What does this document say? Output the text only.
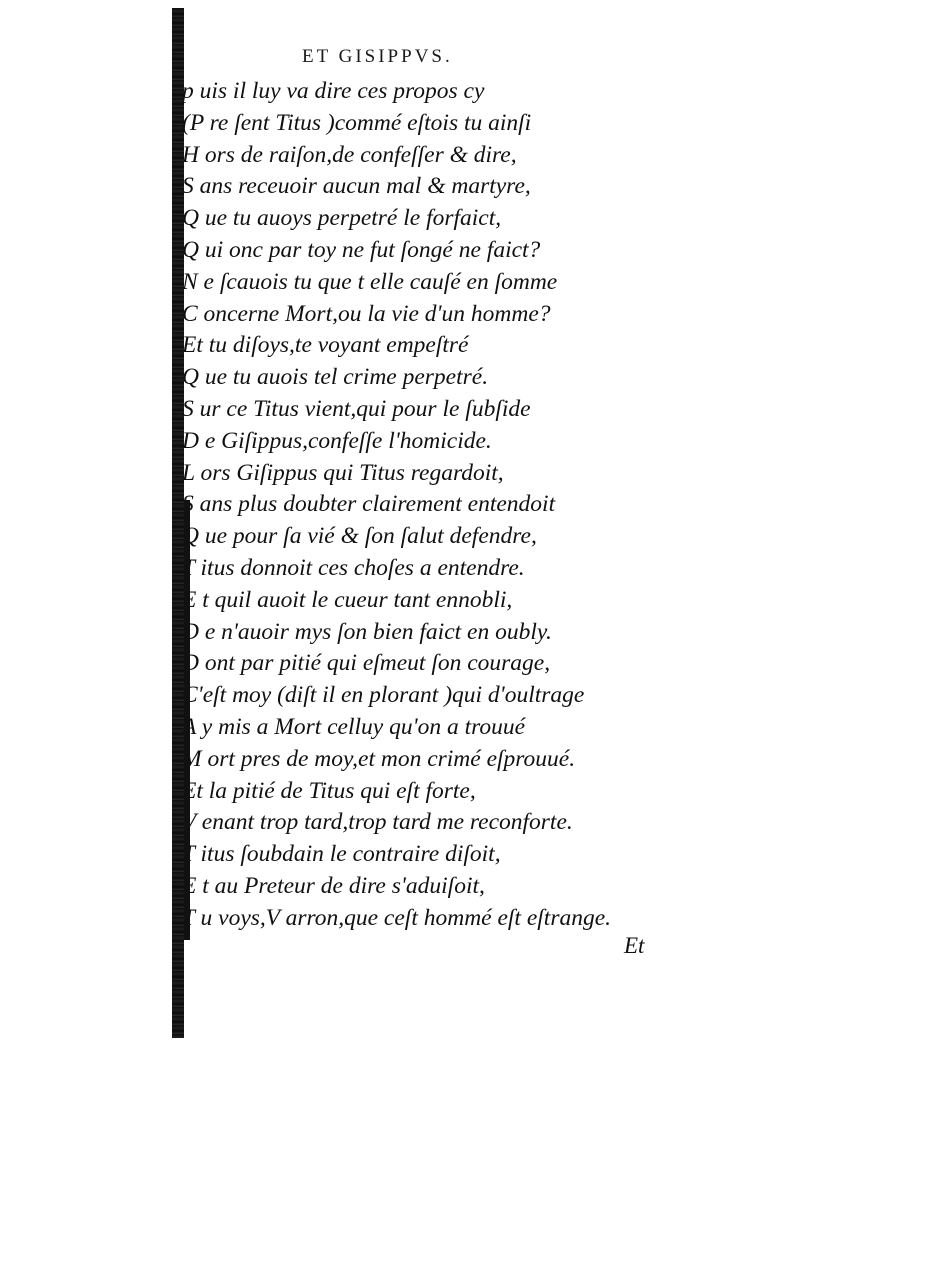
ET GISIPPVS.
p uis il luy va dire ces propos cy
(P re ſent Titus )commé eſtois tu ainſi
H ors de raiſon,de confeſſer & dire,
S ans receuoir aucun mal & martyre,
Q ue tu auoys perpetré le forfaict,
Q ui onc par toy ne fut ſongé ne faict?
N e ſcauois tu que t elle cauſé en ſomme
C oncerne Mort,ou la vie d'un homme?
Et tu diſoys,te voyant empeſtré
Q ue tu auois tel crime perpetré.
S ur ce Titus vient,qui pour le ſubſide
D e Giſippus,confeſſe l'homicide.
L ors Giſippus qui Titus regardoit,
S ans plus doubter clairement entendoit
Q ue pour ſa vié & ſon ſalut defendre,
T itus donnoit ces choſes a entendre.
E t quil auoit le cueur tant ennobli,
D e n'auoir mys ſon bien faict en oubly.
D ont par pitié qui eſmeut ſon courage,
C'eſt moy (diſt il en plorant )qui d'oultrage
A y mis a Mort celluy qu'on a trouué
M ort pres de moy,et mon crimé eſprouué.
Et la pitié de Titus qui eſt forte,
V enant trop tard,trop tard me reconforte.
T itus ſoubdain le contraire diſoit,
E t au Preteur de dire s'aduiſoit,
T u voys,V arron,que ceſt hommé eſt eſtrange.
Et
